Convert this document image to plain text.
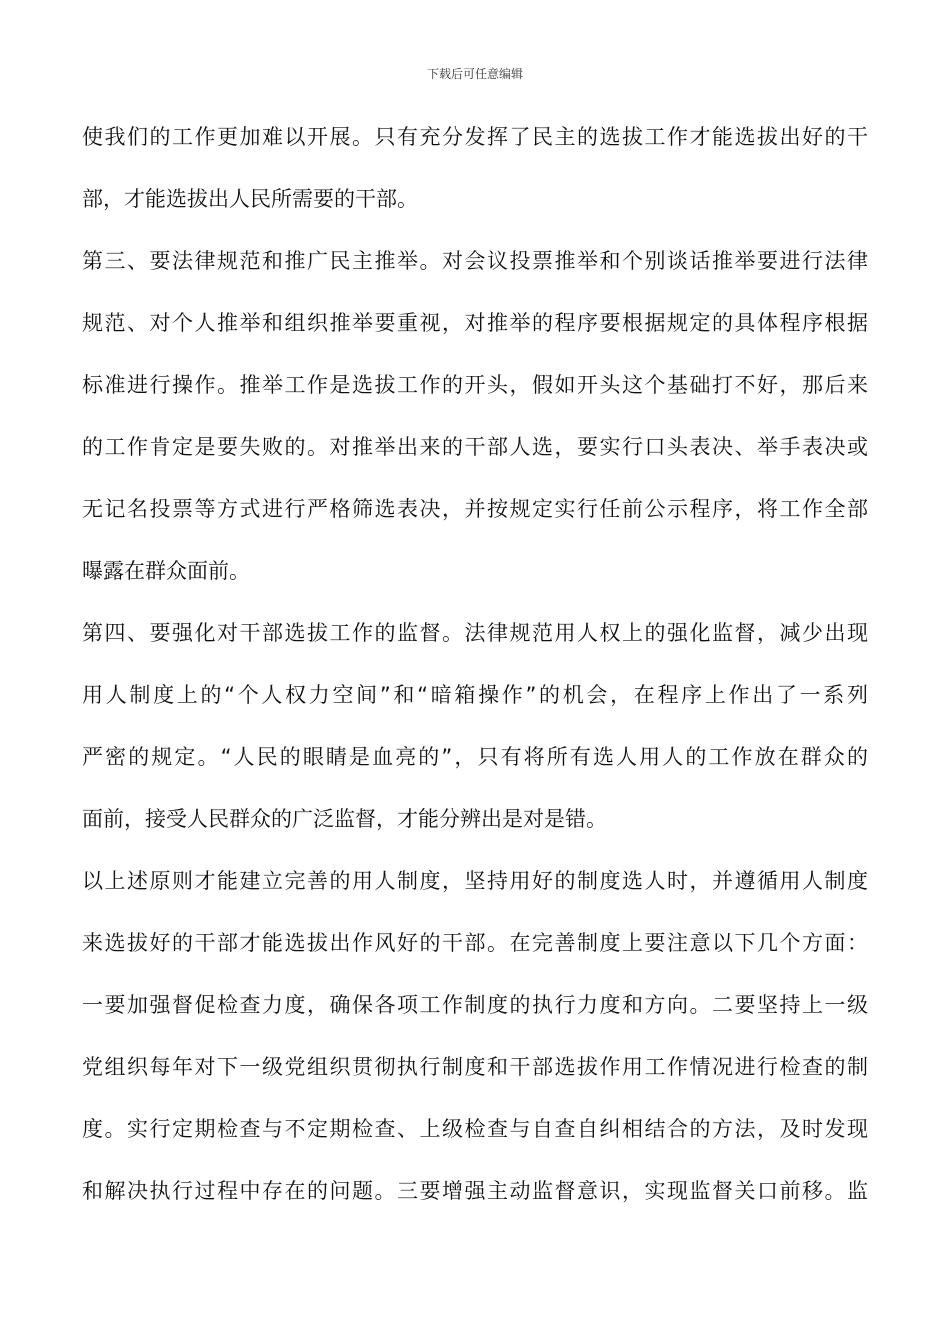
下载后可任意编辑
使我们的工作更加难以开展。只有充分发挥了民主的选拔工作才能选拔出好的干
部，才能选拔出人民所需要的干部。
第三、要法律规范和推广民主推举。对会议投票推举和个别谈话推举要进行法律
规范、对个人推举和组织推举要重视，对推举的程序要根据规定的具体程序根据
标准进行操作。推举工作是选拔工作的开头，假如开头这个基础打不好，那后来
的工作肯定是要失败的。对推举出来的干部人选，要实行口头表决、举手表决或
无记名投票等方式进行严格筛选表决，并按规定实行任前公示程序，将工作全部
曝露在群众面前。
第四、要强化对干部选拔工作的监督。法律规范用人权上的强化监督，减少出现
用人制度上的“个人权力空间”和“暗箱操作”的机会，在程序上作出了一系列
严密的规定。“人民的眼睛是血亮的”，只有将所有选人用人的工作放在群众的
面前，接受人民群众的广泛监督，才能分辨出是对是错。
以上述原则才能建立完善的用人制度，坚持用好的制度选人时，并遵循用人制度
来选拔好的干部才能选拔出作风好的干部。在完善制度上要注意以下几个方面：
一要加强督促检查力度，确保各项工作制度的执行力度和方向。二要坚持上一级
党组织每年对下一级党组织贯彻执行制度和干部选拔作用工作情况进行检查的制
度。实行定期检查与不定期检查、上级检查与自查自纠相结合的方法，及时发现
和解决执行过程中存在的问题。三要增强主动监督意识，实现监督关口前移。监
